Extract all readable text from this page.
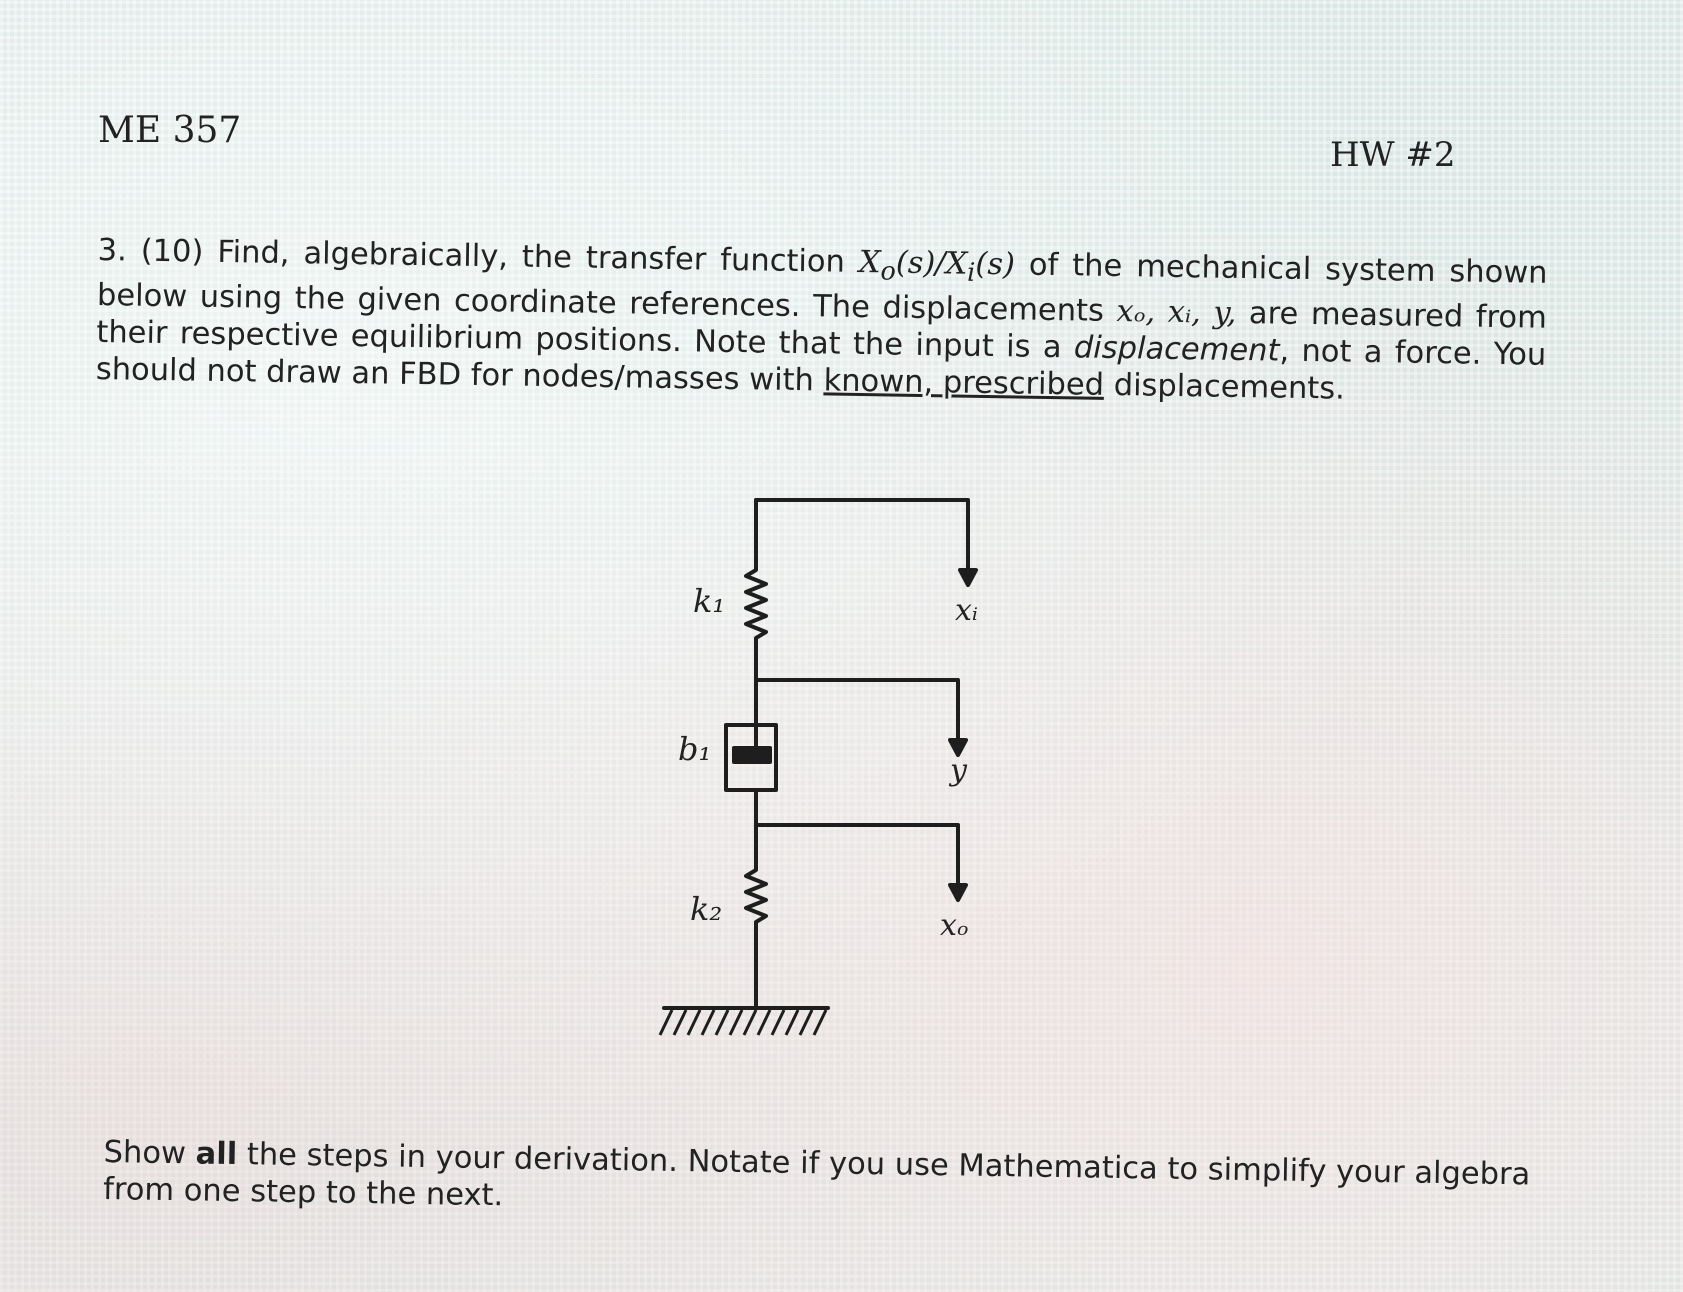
ME 357
HW #2
3. (10) Find, algebraically, the transfer function $X_o(s)/X_i(s)$ of the mechanical system shown below using the given coordinate references. The displacements xₒ, xᵢ, y, are measured from their respective equilibrium positions. Note that the input is a displacement, not a force. You should not draw an FBD for nodes/masses with known, prescribed displacements.
k₁
b₁
k₂
xᵢ
y
xₒ
Show all the steps in your derivation. Notate if you use Mathematica to simplify your algebra from one step to the next.
